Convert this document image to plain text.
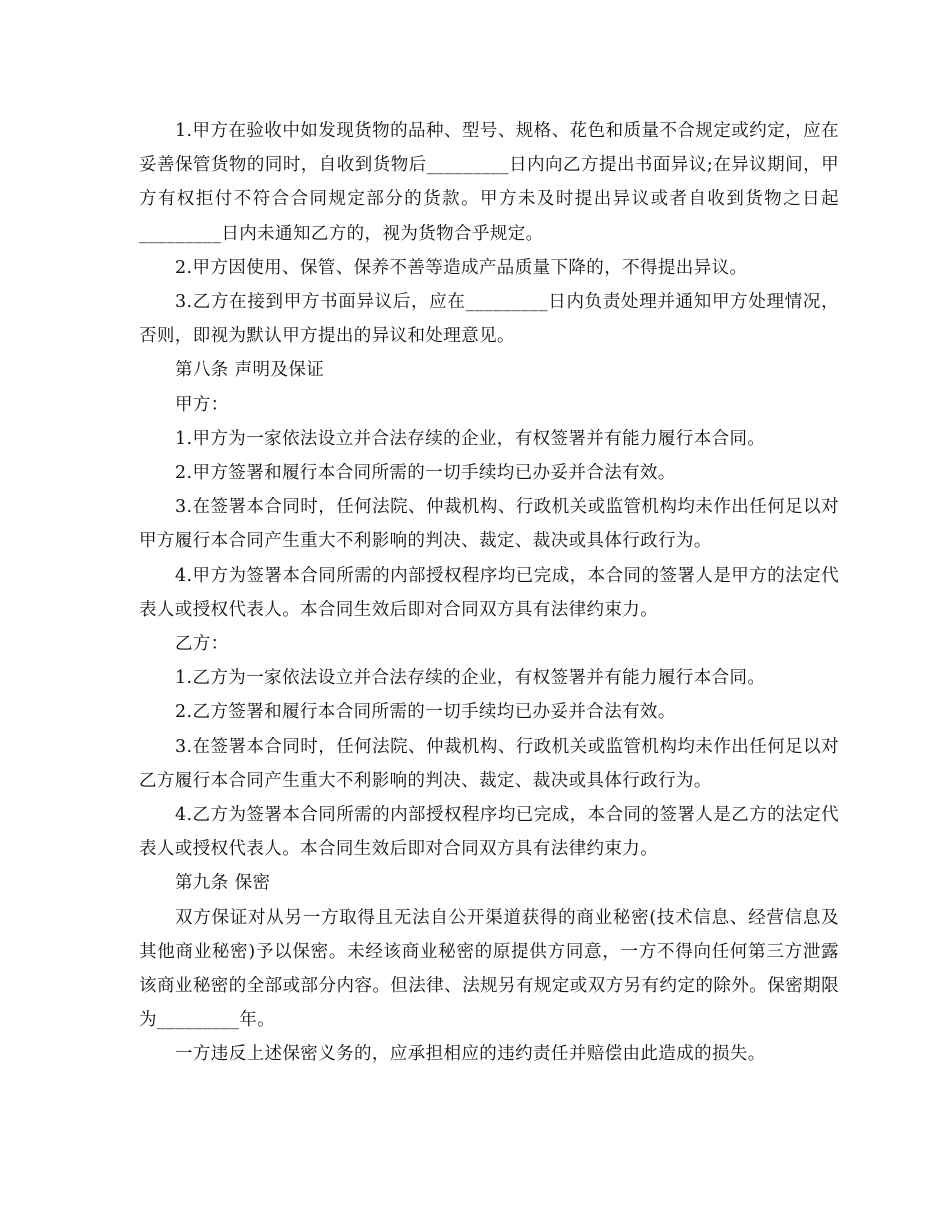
1.甲方在验收中如发现货物的品种、型号、规格、花色和质量不合规定或约定，应在妥善保管货物的同时，自收到货物后_________日内向乙方提出书面异议;在异议期间，甲方有权拒付不符合合同规定部分的货款。甲方未及时提出异议或者自收到货物之日起_________日内未通知乙方的，视为货物合乎规定。

2.甲方因使用、保管、保养不善等造成产品质量下降的，不得提出异议。

3.乙方在接到甲方书面异议后，应在_________日内负责处理并通知甲方处理情况，否则，即视为默认甲方提出的异议和处理意见。

第八条 声明及保证

甲方：

1.甲方为一家依法设立并合法存续的企业，有权签署并有能力履行本合同。

2.甲方签署和履行本合同所需的一切手续均已办妥并合法有效。

3.在签署本合同时，任何法院、仲裁机构、行政机关或监管机构均未作出任何足以对甲方履行本合同产生重大不利影响的判决、裁定、裁决或具体行政行为。

4.甲方为签署本合同所需的内部授权程序均已完成，本合同的签署人是甲方的法定代表人或授权代表人。本合同生效后即对合同双方具有法律约束力。

乙方：

1.乙方为一家依法设立并合法存续的企业，有权签署并有能力履行本合同。

2.乙方签署和履行本合同所需的一切手续均已办妥并合法有效。

3.在签署本合同时，任何法院、仲裁机构、行政机关或监管机构均未作出任何足以对乙方履行本合同产生重大不利影响的判决、裁定、裁决或具体行政行为。

4.乙方为签署本合同所需的内部授权程序均已完成，本合同的签署人是乙方的法定代表人或授权代表人。本合同生效后即对合同双方具有法律约束力。

第九条 保密

双方保证对从另一方取得且无法自公开渠道获得的商业秘密(技术信息、经营信息及其他商业秘密)予以保密。未经该商业秘密的原提供方同意，一方不得向任何第三方泄露该商业秘密的全部或部分内容。但法律、法规另有规定或双方另有约定的除外。保密期限为_________年。

一方违反上述保密义务的，应承担相应的违约责任并赔偿由此造成的损失。
